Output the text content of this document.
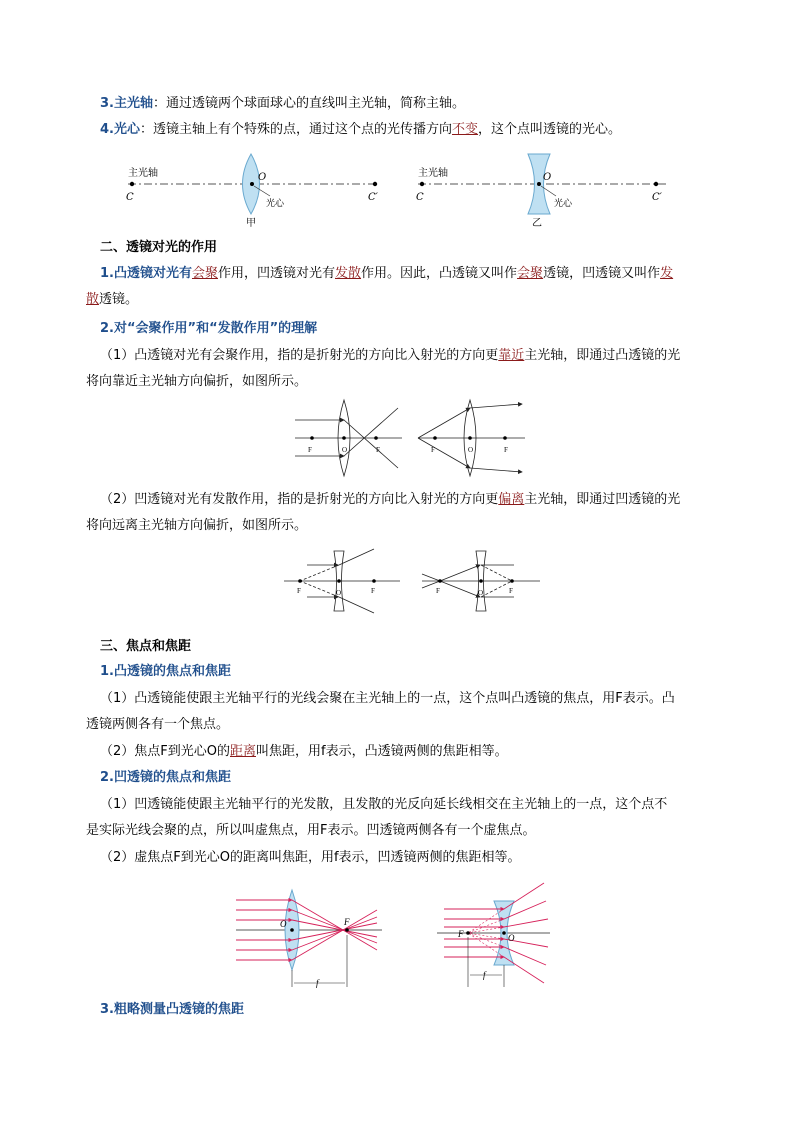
3.主光轴：通过透镜两个球面球心的直线叫主光轴，简称主轴。
4.光心：透镜主轴上有个特殊的点，通过这个点的光传播方向不变，这个点叫透镜的光心。
主光轴
C	C′
O
光心
甲
主光轴
C	C′
O
光心
乙
二、透镜对光的作用
1.凸透镜对光有会聚作用，凹透镜对光有发散作用。因此，凸透镜又叫作会聚透镜，凹透镜又叫作发
散透镜。
2.对“会聚作用”和“发散作用”的理解
（1）凸透镜对光有会聚作用，指的是折射光的方向比入射光的方向更靠近主光轴，即通过凸透镜的光
将向靠近主光轴方向偏折，如图所示。
F	O	F	F	O	F
（2）凹透镜对光有发散作用，指的是折射光的方向比入射光的方向更偏离主光轴，即通过凹透镜的光
将向远离主光轴方向偏折，如图所示。
F	O	F	F	O	F
三、焦点和焦距
1.凸透镜的焦点和焦距
（1）凸透镜能使跟主光轴平行的光线会聚在主光轴上的一点，这个点叫凸透镜的焦点，用F表示。凸
透镜两侧各有一个焦点。
（2）焦点F到光心O的距离叫焦距，用f表示，凸透镜两侧的焦距相等。
2.凹透镜的焦点和焦距
（1）凹透镜能使跟主光轴平行的光发散，且发散的光反向延长线相交在主光轴上的一点，这个点不
是实际光线会聚的点，所以叫虚焦点，用F表示。凹透镜两侧各有一个虚焦点。
（2）虚焦点F到光心O的距离叫焦距，用f表示，凹透镜两侧的焦距相等。
O	F
f
F	O
f
3.粗略测量凸透镜的焦距
